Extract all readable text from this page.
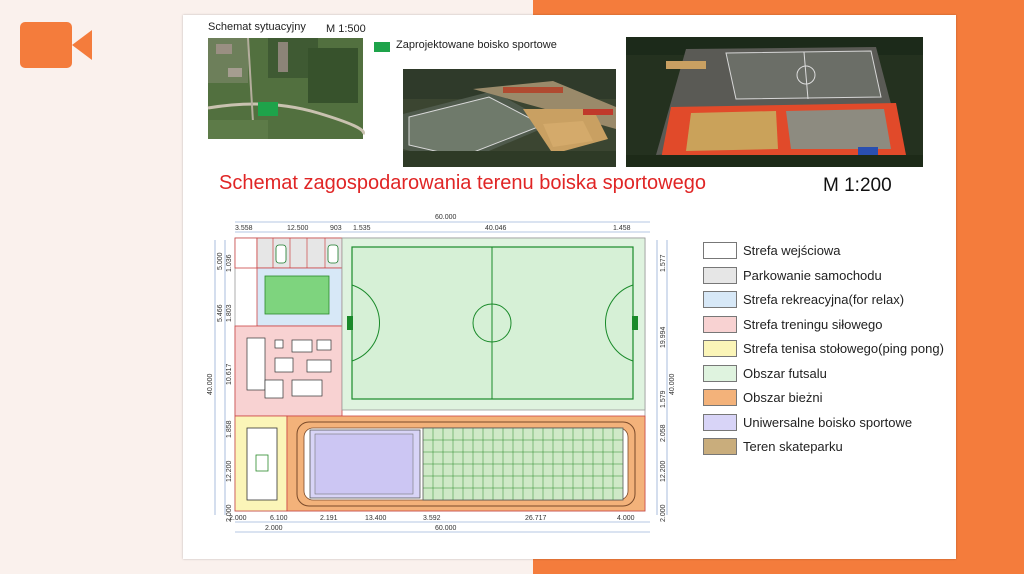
Schemat sytuacyjny M 1:500
Zaprojektowane boisko sportowe
Schemat zagospodarowania terenu boiska sportowego	M 1:200
60.000
3.558	12.500	903 1.535	40.046	1.458
2.000	6.100	2.191	13.400	3.592	26.717	4.000
2.000	60.000
5.000 1.036
5.466 1.803
10.617
40.000
1.858
12.200
2.000
1.577
19.994
1.579
40.000
2.058
12.200
2.000
Strefa wejściowa
Parkowanie samochodu
Strefa rekreacyjna(for relax)
Strefa treningu siłowego
Strefa tenisa stołowego(ping pong)
Obszar futsalu
Obszar bieżni
Uniwersalne boisko sportowe
Teren skateparku
